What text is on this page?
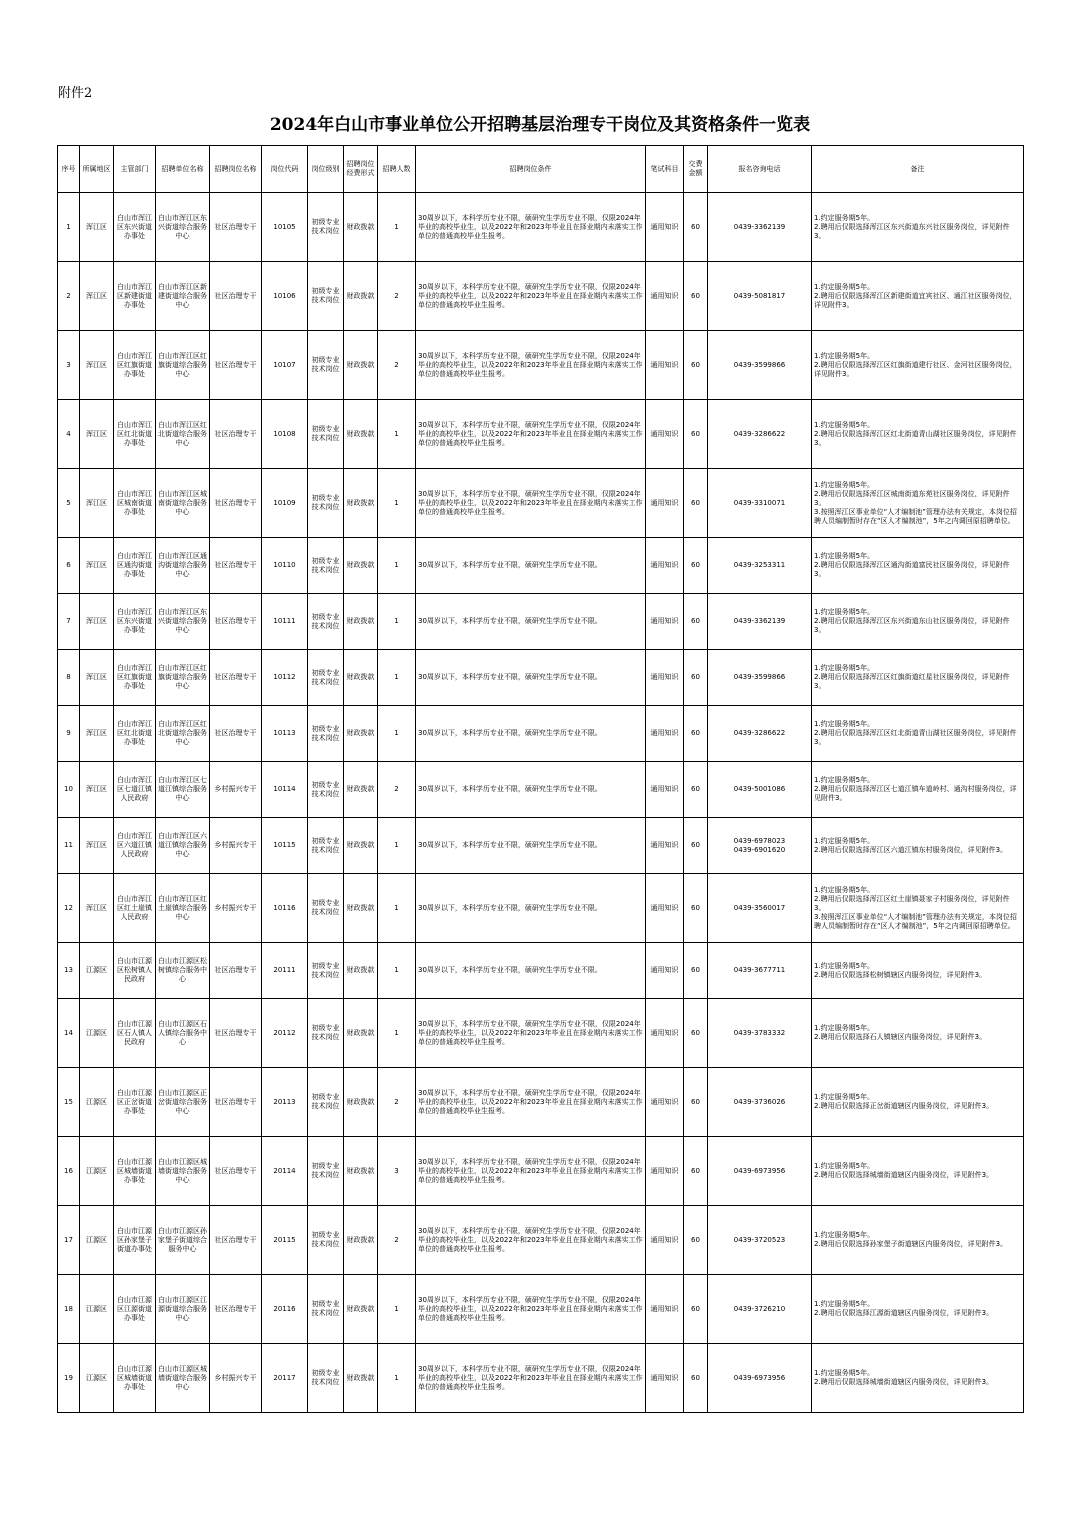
附件2
2024年白山市事业单位公开招聘基层治理专干岗位及其资格条件一览表
序号	所属地区	主管部门	招聘单位名称	招聘岗位名称	岗位代码	岗位级别	招聘岗位经费形式	招聘人数	招聘岗位条件	笔试科目	交费金额	报名咨询电话	备注
1	浑江区	白山市浑江区东兴街道办事处	白山市浑江区东兴街道综合服务中心	社区治理专干	10105	初级专业技术岗位	财政拨款	1	30周岁以下，本科学历专业不限，硕研究生学历专业不限，仅限2024年毕业的高校毕业生，以及2022年和2023年毕业且在择业期内未落实工作单位的普通高校毕业生报考。	通用知识	60	0439-3362139	1.约定服务期5年。
2.聘用后仅限选择浑江区东兴街道东兴社区服务岗位，详见附件3。
2	浑江区	白山市浑江区新建街道办事处	白山市浑江区新建街道综合服务中心	社区治理专干	10106	初级专业技术岗位	财政拨款	2	30周岁以下，本科学历专业不限，硕研究生学历专业不限，仅限2024年毕业的高校毕业生，以及2022年和2023年毕业且在择业期内未落实工作单位的普通高校毕业生报考。	通用知识	60	0439-5081817	1.约定服务期5年。
2.聘用后仅限选择浑江区新建街道宜宾社区、通江社区服务岗位，详见附件3。
3	浑江区	白山市浑江区红旗街道办事处	白山市浑江区红旗街道综合服务中心	社区治理专干	10107	初级专业技术岗位	财政拨款	2	30周岁以下，本科学历专业不限，硕研究生学历专业不限，仅限2024年毕业的高校毕业生，以及2022年和2023年毕业且在择业期内未落实工作单位的普通高校毕业生报考。	通用知识	60	0439-3599866	1.约定服务期5年。
2.聘用后仅限选择浑江区红旗街道建行社区、金河社区服务岗位，详见附件3。
4	浑江区	白山市浑江区红北街道办事处	白山市浑江区红北街道综合服务中心	社区治理专干	10108	初级专业技术岗位	财政拨款	1	30周岁以下，本科学历专业不限，硕研究生学历专业不限，仅限2024年毕业的高校毕业生，以及2022年和2023年毕业且在择业期内未落实工作单位的普通高校毕业生报考。	通用知识	60	0439-3286622	1.约定服务期5年。
2.聘用后仅限选择浑江区红北街道青山湖社区服务岗位，详见附件3。
5	浑江区	白山市浑江区城南街道办事处	白山市浑江区城南街道综合服务中心	社区治理专干	10109	初级专业技术岗位	财政拨款	1	30周岁以下，本科学历专业不限，硕研究生学历专业不限，仅限2024年毕业的高校毕业生，以及2022年和2023年毕业且在择业期内未落实工作单位的普通高校毕业生报考。	通用知识	60	0439-3310071	1.约定服务期5年。
2.聘用后仅限选择浑江区城南街道东苑社区服务岗位，详见附件3。
3.按照浑江区事业单位“人才编制池”管理办法有关规定，本岗位招聘人员编制暂时存在“区人才编制池”，5年之内调回原招聘单位。
6	浑江区	白山市浑江区通沟街道办事处	白山市浑江区通沟街道综合服务中心	社区治理专干	10110	初级专业技术岗位	财政拨款	1	30周岁以下，本科学历专业不限，硕研究生学历专业不限。	通用知识	60	0439-3253311	1.约定服务期5年。
2.聘用后仅限选择浑江区通沟街道富民社区服务岗位，详见附件3。
7	浑江区	白山市浑江区东兴街道办事处	白山市浑江区东兴街道综合服务中心	社区治理专干	10111	初级专业技术岗位	财政拨款	1	30周岁以下，本科学历专业不限，硕研究生学历专业不限。	通用知识	60	0439-3362139	1.约定服务期5年。
2.聘用后仅限选择浑江区东兴街道东山社区服务岗位，详见附件3。
8	浑江区	白山市浑江区红旗街道办事处	白山市浑江区红旗街道综合服务中心	社区治理专干	10112	初级专业技术岗位	财政拨款	1	30周岁以下，本科学历专业不限，硕研究生学历专业不限。	通用知识	60	0439-3599866	1.约定服务期5年。
2.聘用后仅限选择浑江区红旗街道红星社区服务岗位，详见附件3。
9	浑江区	白山市浑江区红北街道办事处	白山市浑江区红北街道综合服务中心	社区治理专干	10113	初级专业技术岗位	财政拨款	1	30周岁以下，本科学历专业不限，硕研究生学历专业不限。	通用知识	60	0439-3286622	1.约定服务期5年。
2.聘用后仅限选择浑江区红北街道青山湖社区服务岗位，详见附件3。
10	浑江区	白山市浑江区七道江镇人民政府	白山市浑江区七道江镇综合服务中心	乡村振兴专干	10114	初级专业技术岗位	财政拨款	2	30周岁以下，本科学历专业不限，硕研究生学历专业不限。	通用知识	60	0439-5001086	1.约定服务期5年。
2.聘用后仅限选择浑江区七道江镇车道岭村、通沟村服务岗位，详见附件3。
11	浑江区	白山市浑江区六道江镇人民政府	白山市浑江区六道江镇综合服务中心	乡村振兴专干	10115	初级专业技术岗位	财政拨款	1	30周岁以下，本科学历专业不限，硕研究生学历专业不限。	通用知识	60	0439-6978023
0439-6901620	1.约定服务期5年。
2.聘用后仅限选择浑江区六道江镇东村服务岗位，详见附件3。
12	浑江区	白山市浑江区红土崖镇人民政府	白山市浑江区红土崖镇综合服务中心	乡村振兴专干	10116	初级专业技术岗位	财政拨款	1	30周岁以下，本科学历专业不限，硕研究生学历专业不限。	通用知识	60	0439-3560017	1.约定服务期5年。
2.聘用后仅限选择浑江区红土崖镇聂家子村服务岗位，详见附件3。
3.按照浑江区事业单位“人才编制池”管理办法有关规定，本岗位招聘人员编制暂时存在“区人才编制池”，5年之内调回原招聘单位。
13	江源区	白山市江源区松树镇人民政府	白山市江源区松树镇综合服务中心	社区治理专干	20111	初级专业技术岗位	财政拨款	1	30周岁以下，本科学历专业不限，硕研究生学历专业不限。	通用知识	60	0439-3677711	1.约定服务期5年。
2.聘用后仅限选择松树镇辖区内服务岗位，详见附件3。
14	江源区	白山市江源区石人镇人民政府	白山市江源区石人镇综合服务中心	社区治理专干	20112	初级专业技术岗位	财政拨款	1	30周岁以下，本科学历专业不限，硕研究生学历专业不限，仅限2024年毕业的高校毕业生，以及2022年和2023年毕业且在择业期内未落实工作单位的普通高校毕业生报考。	通用知识	60	0439-3783332	1.约定服务期5年。
2.聘用后仅限选择石人镇辖区内服务岗位，详见附件3。
15	江源区	白山市江源区正岔街道办事处	白山市江源区正岔街道综合服务中心	社区治理专干	20113	初级专业技术岗位	财政拨款	2	30周岁以下，本科学历专业不限，硕研究生学历专业不限，仅限2024年毕业的高校毕业生，以及2022年和2023年毕业且在择业期内未落实工作单位的普通高校毕业生报考。	通用知识	60	0439-3736026	1.约定服务期5年。
2.聘用后仅限选择正岔街道辖区内服务岗位，详见附件3。
16	江源区	白山市江源区城墙街道办事处	白山市江源区城墙街道综合服务中心	社区治理专干	20114	初级专业技术岗位	财政拨款	3	30周岁以下，本科学历专业不限，硕研究生学历专业不限，仅限2024年毕业的高校毕业生，以及2022年和2023年毕业且在择业期内未落实工作单位的普通高校毕业生报考。	通用知识	60	0439-6973956	1.约定服务期5年。
2.聘用后仅限选择城墙街道辖区内服务岗位，详见附件3。
17	江源区	白山市江源区孙家堡子街道办事处	白山市江源区孙家堡子街道综合服务中心	社区治理专干	20115	初级专业技术岗位	财政拨款	2	30周岁以下，本科学历专业不限，硕研究生学历专业不限，仅限2024年毕业的高校毕业生，以及2022年和2023年毕业且在择业期内未落实工作单位的普通高校毕业生报考。	通用知识	60	0439-3720523	1.约定服务期5年。
2.聘用后仅限选择孙家堡子街道辖区内服务岗位，详见附件3。
18	江源区	白山市江源区江源街道办事处	白山市江源区江源街道综合服务中心	社区治理专干	20116	初级专业技术岗位	财政拨款	1	30周岁以下，本科学历专业不限，硕研究生学历专业不限，仅限2024年毕业的高校毕业生，以及2022年和2023年毕业且在择业期内未落实工作单位的普通高校毕业生报考。	通用知识	60	0439-3726210	1.约定服务期5年。
2.聘用后仅限选择江源街道辖区内服务岗位，详见附件3。
19	江源区	白山市江源区城墙街道办事处	白山市江源区城墙街道综合服务中心	乡村振兴专干	20117	初级专业技术岗位	财政拨款	1	30周岁以下，本科学历专业不限，硕研究生学历专业不限，仅限2024年毕业的高校毕业生，以及2022年和2023年毕业且在择业期内未落实工作单位的普通高校毕业生报考。	通用知识	60	0439-6973956	1.约定服务期5年。
2.聘用后仅限选择城墙街道辖区内服务岗位，详见附件3。
